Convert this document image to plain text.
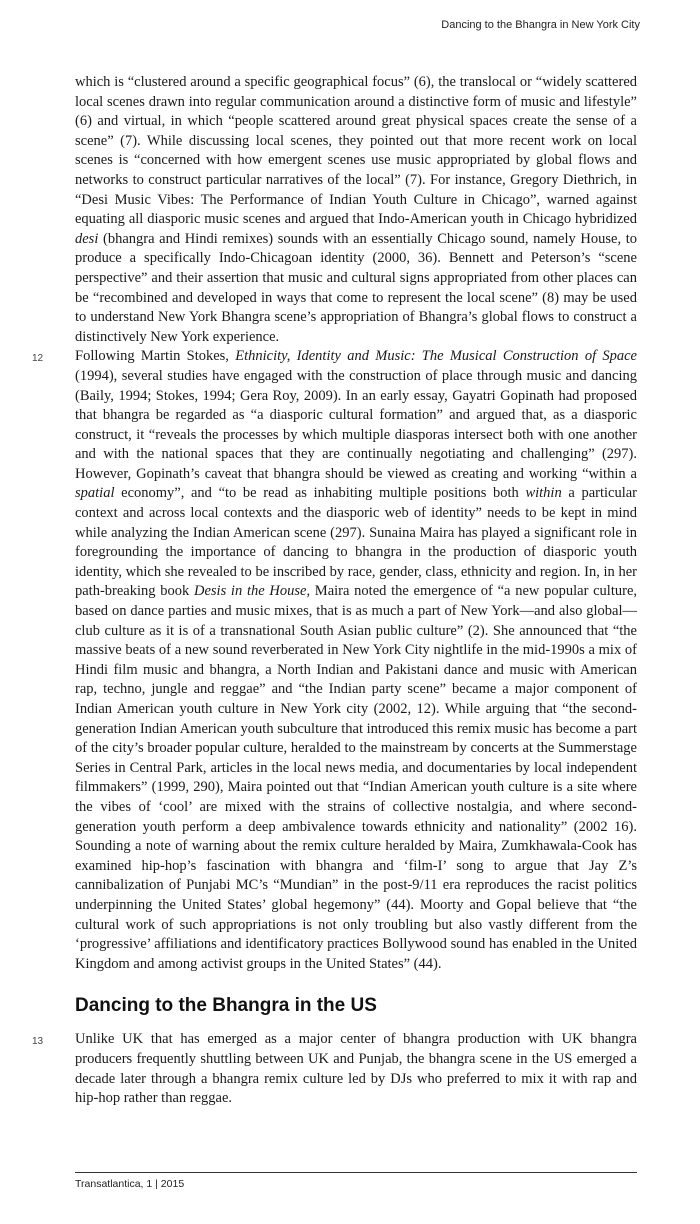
Dancing to the Bhangra in New York City

which is “clustered around a specific geographical focus” (6), the translocal or “widely scattered local scenes drawn into regular communication around a distinctive form of music and lifestyle” (6) and virtual, in which “people scattered around great physical spaces create the sense of a scene” (7). While discussing local scenes, they pointed out that more recent work on local scenes is “concerned with how emergent scenes use music appropriated by global flows and networks to construct particular narratives of the local” (7). For instance, Gregory Diethrich, in “Desi Music Vibes: The Performance of Indian Youth Culture in Chicago”, warned against equating all diasporic music scenes and argued that Indo-American youth in Chicago hybridized desi (bhangra and Hindi remixes) sounds with an essentially Chicago sound, namely House, to produce a specifically Indo-Chicagoan identity (2000, 36). Bennett and Peterson’s “scene perspective” and their assertion that music and cultural signs appropriated from other places can be “recombined and developed in ways that come to represent the local scene” (8) may be used to understand New York Bhangra scene’s appropriation of Bhangra’s global flows to construct a distinctively New York experience.

12 Following Martin Stokes, Ethnicity, Identity and Music: The Musical Construction of Space (1994), several studies have engaged with the construction of place through music and dancing (Baily, 1994; Stokes, 1994; Gera Roy, 2009). In an early essay, Gayatri Gopinath had proposed that bhangra be regarded as “a diasporic cultural formation” and argued that, as a diasporic construct, it “reveals the processes by which multiple diasporas intersect both with one another and with the national spaces that they are continually negotiating and challenging” (297). However, Gopinath’s caveat that bhangra should be viewed as creating and working “within a spatial economy”, and “to be read as inhabiting multiple positions both within a particular context and across local contexts and the diasporic web of identity” needs to be kept in mind while analyzing the Indian American scene (297). Sunaina Maira has played a significant role in foregrounding the importance of dancing to bhangra in the production of diasporic youth identity, which she revealed to be inscribed by race, gender, class, ethnicity and region. In, in her path-breaking book Desis in the House, Maira noted the emergence of “a new popular culture, based on dance parties and music mixes, that is as much a part of New York—and also global—club culture as it is of a transnational South Asian public culture” (2). She announced that “the massive beats of a new sound reverberated in New York City nightlife in the mid-1990s a mix of Hindi film music and bhangra, a North Indian and Pakistani dance and music with American rap, techno, jungle and reggae” and “the Indian party scene” became a major component of Indian American youth culture in New York city (2002, 12). While arguing that “the second-generation Indian American youth subculture that introduced this remix music has become a part of the city’s broader popular culture, heralded to the mainstream by concerts at the Summerstage Series in Central Park, articles in the local news media, and documentaries by local independent filmmakers” (1999, 290), Maira pointed out that “Indian American youth culture is a site where the vibes of ‘cool’ are mixed with the strains of collective nostalgia, and where second-generation youth perform a deep ambivalence towards ethnicity and nationality” (2002 16). Sounding a note of warning about the remix culture heralded by Maira, Zumkhawala-Cook has examined hip-hop’s fascination with bhangra and ‘film-I’ song to argue that Jay Z’s cannibalization of Punjabi MC’s “Mundian” in the post-9/11 era reproduces the racist politics underpinning the United States’ global hegemony” (44). Moorty and Gopal believe that “the cultural work of such appropriations is not only troubling but also vastly different from the ‘progressive’ affiliations and identificatory practices Bollywood sound has enabled in the United Kingdom and among activist groups in the United States” (44).

Dancing to the Bhangra in the US

13 Unlike UK that has emerged as a major center of bhangra production with UK bhangra producers frequently shuttling between UK and Punjab, the bhangra scene in the US emerged a decade later through a bhangra remix culture led by DJs who preferred to mix it with rap and hip-hop rather than reggae.

Transatlantica, 1 | 2015
